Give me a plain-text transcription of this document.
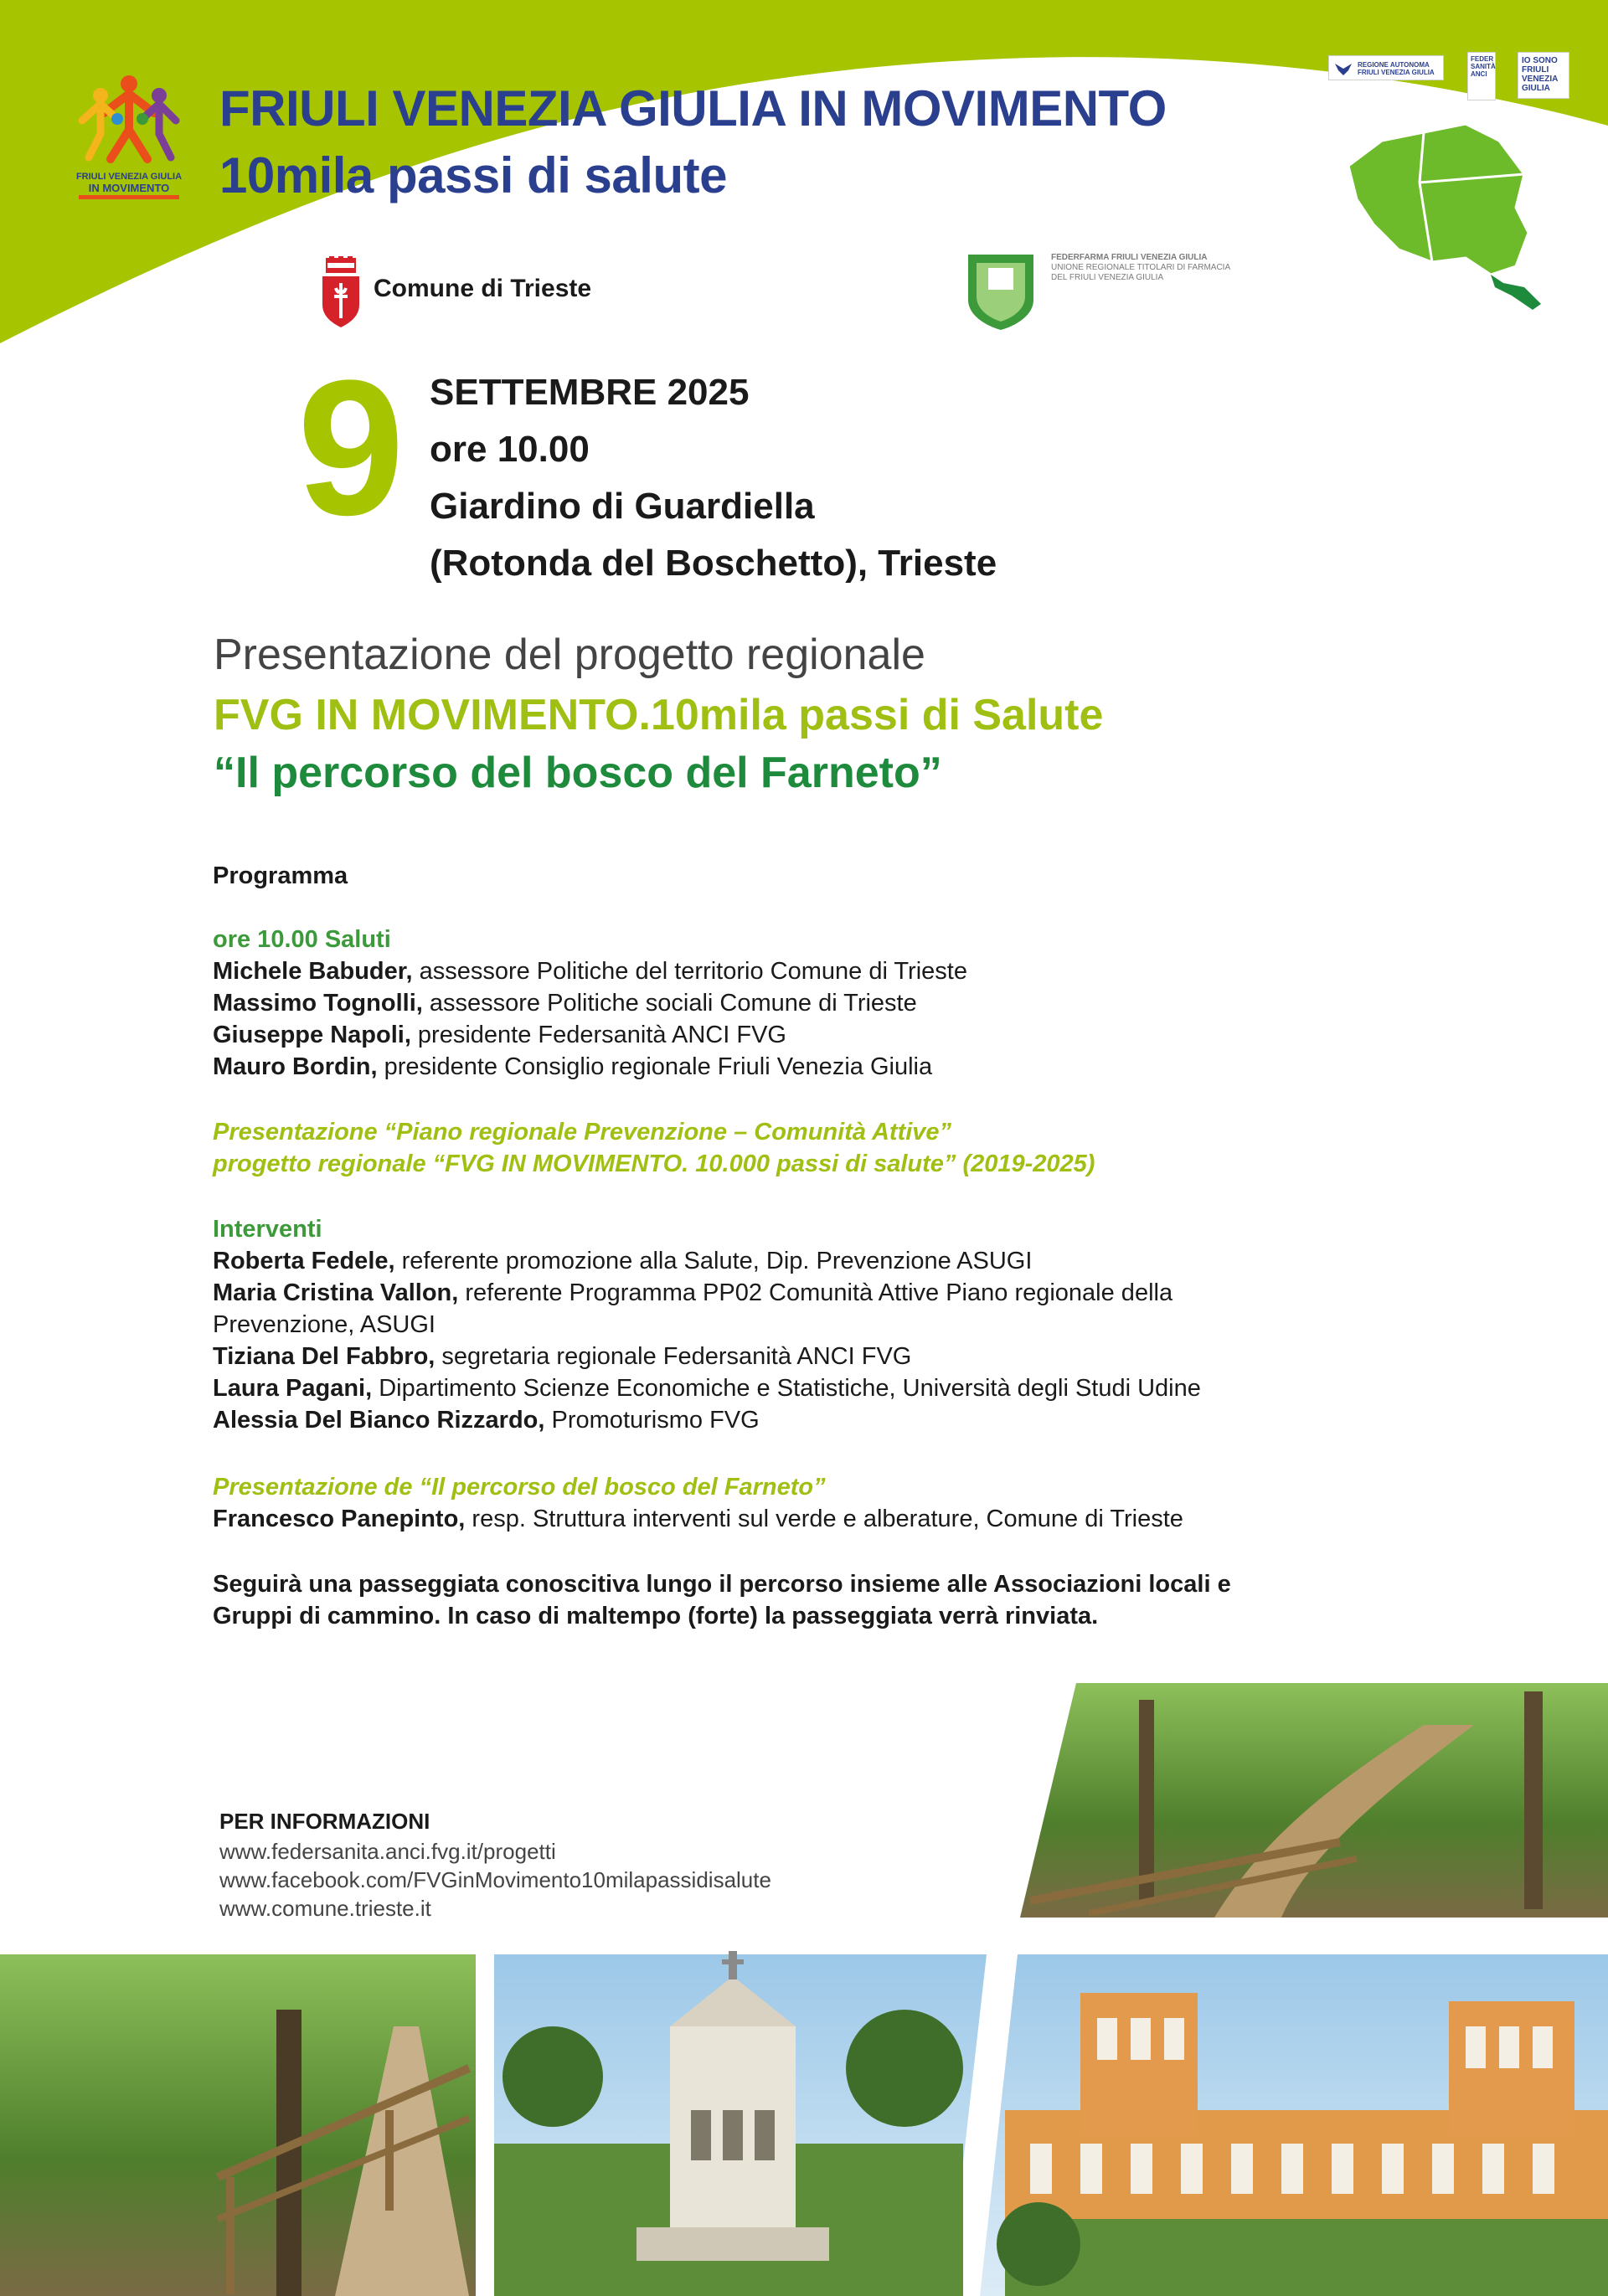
FRIULI VENEZIA GIULIA
IN MOVIMENTO
FRIULI VENEZIA GIULIA IN MOVIMENTO
10mila passi di salute
REGIONE AUTONOMA FRIULI VENEZIA GIULIA
FEDER SANITÀ ANCI
IO SONO FRIULI VENEZIA GIULIA
Comune di Trieste
FEDERFARMA FRIULI VENEZIA GIULIA
UNIONE REGIONALE TITOLARI DI FARMACIA DEL FRIULI VENEZIA GIULIA
9 SETTEMBRE 2025
ore 10.00
Giardino di Guardiella
(Rotonda del Boschetto), Trieste
Presentazione del progetto regionale
FVG IN MOVIMENTO.10mila passi di Salute
“Il percorso del bosco del Farneto”
Programma
ore 10.00 Saluti
Michele Babuder, assessore Politiche del territorio Comune di Trieste
Massimo Tognolli, assessore Politiche sociali Comune di Trieste
Giuseppe Napoli, presidente Federsanità ANCI FVG
Mauro Bordin, presidente Consiglio regionale Friuli Venezia Giulia
Presentazione “Piano regionale Prevenzione – Comunità Attive”
progetto regionale “FVG IN MOVIMENTO. 10.000 passi di salute” (2019-2025)
Interventi
Roberta Fedele, referente promozione alla Salute, Dip. Prevenzione ASUGI
Maria Cristina Vallon, referente Programma PP02 Comunità Attive Piano regionale della
Prevenzione, ASUGI
Tiziana Del Fabbro, segretaria regionale Federsanità ANCI FVG
Laura Pagani, Dipartimento Scienze Economiche e Statistiche, Università degli Studi Udine
Alessia Del Bianco Rizzardo, Promoturismo FVG
Presentazione de “Il percorso del bosco del Farneto”
Francesco Panepinto, resp. Struttura interventi sul verde e alberature, Comune di Trieste
Seguirà una passeggiata conoscitiva lungo il percorso insieme alle Associazioni locali e
Gruppi di cammino. In caso di maltempo (forte) la passeggiata verrà rinviata.
PER INFORMAZIONI
www.federsanita.anci.fvg.it/progetti
www.facebook.com/FVGinMovimento10milapassidisalute
www.comune.trieste.it
